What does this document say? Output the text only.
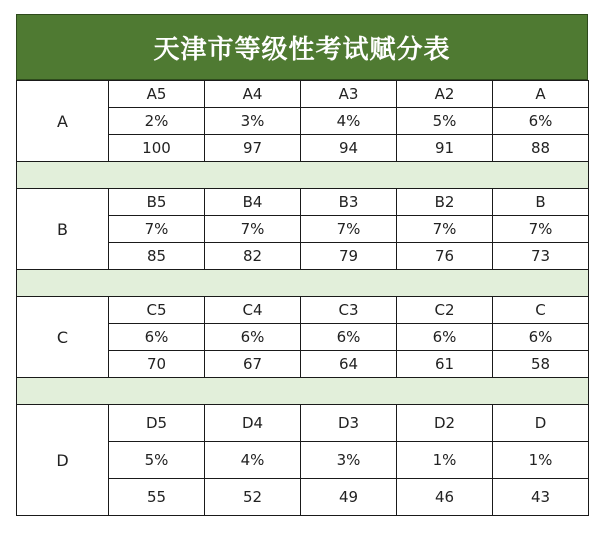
天津市等级性考试赋分表
A	A5	A4	A3	A2	A
	2%	3%	4%	5%	6%
	100	97	94	91	88

B	B5	B4	B3	B2	B
	7%	7%	7%	7%	7%
	85	82	79	76	73

C	C5	C4	C3	C2	C
	6%	6%	6%	6%	6%
	70	67	64	61	58

D	D5	D4	D3	D2	D
	5%	4%	3%	1%	1%
	55	52	49	46	43
